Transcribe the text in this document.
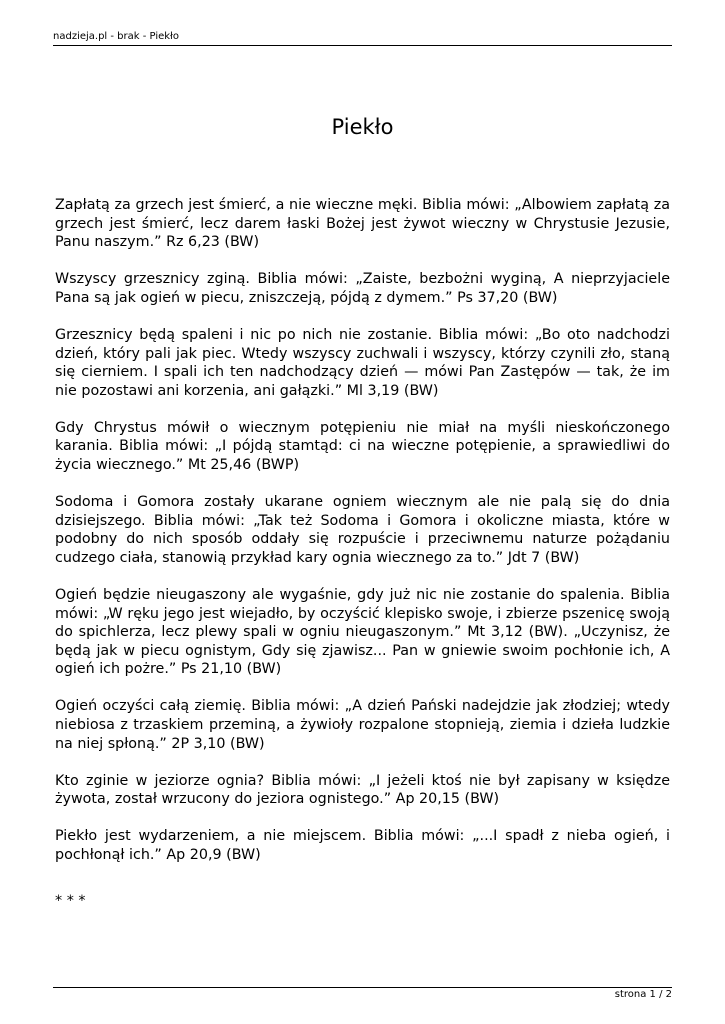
nadzieja.pl - brak - Piekło
Piekło

Zapłatą za grzech jest śmierć, a nie wieczne męki. Biblia mówi: „Albowiem zapłatą za grzech jest śmierć, lecz darem łaski Bożej jest żywot wieczny w Chrystusie Jezusie, Panu naszym.” Rz 6,23 (BW)

Wszyscy grzesznicy zginą. Biblia mówi: „Zaiste, bezbożni wyginą, A nieprzyjaciele Pana są jak ogień w piecu, zniszczeją, pójdą z dymem.” Ps 37,20 (BW)

Grzesznicy będą spaleni i nic po nich nie zostanie. Biblia mówi: „Bo oto nadchodzi dzień, który pali jak piec. Wtedy wszyscy zuchwali i wszyscy, którzy czynili zło, staną się cierniem. I spali ich ten nadchodzący dzień — mówi Pan Zastępów — tak, że im nie pozostawi ani korzenia, ani gałązki.” Ml 3,19 (BW)

Gdy Chrystus mówił o wiecznym potępieniu nie miał na myśli nieskończonego karania. Biblia mówi: „I pójdą stamtąd: ci na wieczne potępienie, a sprawiedliwi do życia wiecznego.” Mt 25,46 (BWP)

Sodoma i Gomora zostały ukarane ogniem wiecznym ale nie palą się do dnia dzisiejszego. Biblia mówi: „Tak też Sodoma i Gomora i okoliczne miasta, które w podobny do nich sposób oddały się rozpuście i przeciwnemu naturze pożądaniu cudzego ciała, stanowią przykład kary ognia wiecznego za to.” Jdt 7 (BW)

Ogień będzie nieugaszony ale wygaśnie, gdy już nic nie zostanie do spalenia. Biblia mówi: „W ręku jego jest wiejadło, by oczyścić klepisko swoje, i zbierze pszenicę swoją do spichlerza, lecz plewy spali w ogniu nieugaszonym.” Mt 3,12 (BW). „Uczynisz, że będą jak w piecu ognistym, Gdy się zjawisz... Pan w gniewie swoim pochłonie ich, A ogień ich pożre.” Ps 21,10 (BW)

Ogień oczyści całą ziemię. Biblia mówi: „A dzień Pański nadejdzie jak złodziej; wtedy niebiosa z trzaskiem przeminą, a żywioły rozpalone stopnieją, ziemia i dzieła ludzkie na niej spłoną.” 2P 3,10 (BW)

Kto zginie w jeziorze ognia? Biblia mówi: „I jeżeli ktoś nie był zapisany w księdze żywota, został wrzucony do jeziora ognistego.” Ap 20,15 (BW)

Piekło jest wydarzeniem, a nie miejscem. Biblia mówi: „...I spadł z nieba ogień, i pochłonął ich.” Ap 20,9 (BW)

* * *
strona 1 / 2
